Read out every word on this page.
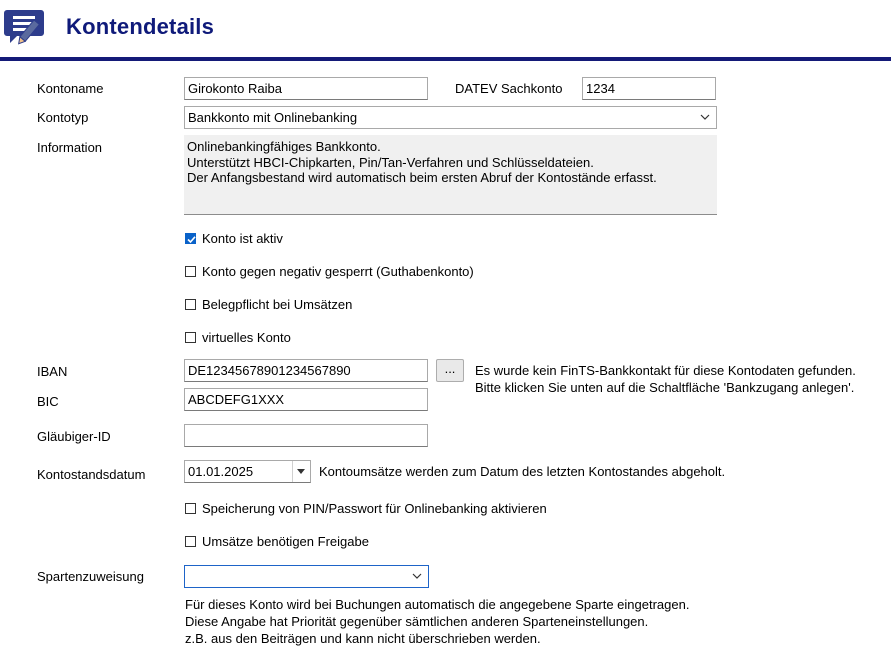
Kontendetails
Kontoname	Girokonto Raiba	DATEV Sachkonto	1234
Kontotyp	Bankkonto mit Onlinebanking
Information	Onlinebankingfähiges Bankkonto.
Unterstützt HBCI-Chipkarten, Pin/Tan-Verfahren und Schlüsseldateien.
Der Anfangsbestand wird automatisch beim ersten Abruf der Kontostände erfasst.
Konto ist aktiv
Konto gegen negativ gesperrt (Guthabenkonto)
Belegpflicht bei Umsätzen
virtuelles Konto
IBAN	DE12345678901234567890	...	Es wurde kein FinTS-Bankkontakt für diese Kontodaten gefunden.
Bitte klicken Sie unten auf die Schaltfläche 'Bankzugang anlegen'.
BIC	ABCDEFG1XXX
Gläubiger-ID
Kontostandsdatum	01.01.2025	Kontoumsätze werden zum Datum des letzten Kontostandes abgeholt.
Speicherung von PIN/Passwort für Onlinebanking aktivieren
Umsätze benötigen Freigabe
Spartenzuweisung
Für dieses Konto wird bei Buchungen automatisch die angegebene Sparte eingetragen.
Diese Angabe hat Priorität gegenüber sämtlichen anderen Sparteneinstellungen.
z.B. aus den Beiträgen und kann nicht überschrieben werden.
